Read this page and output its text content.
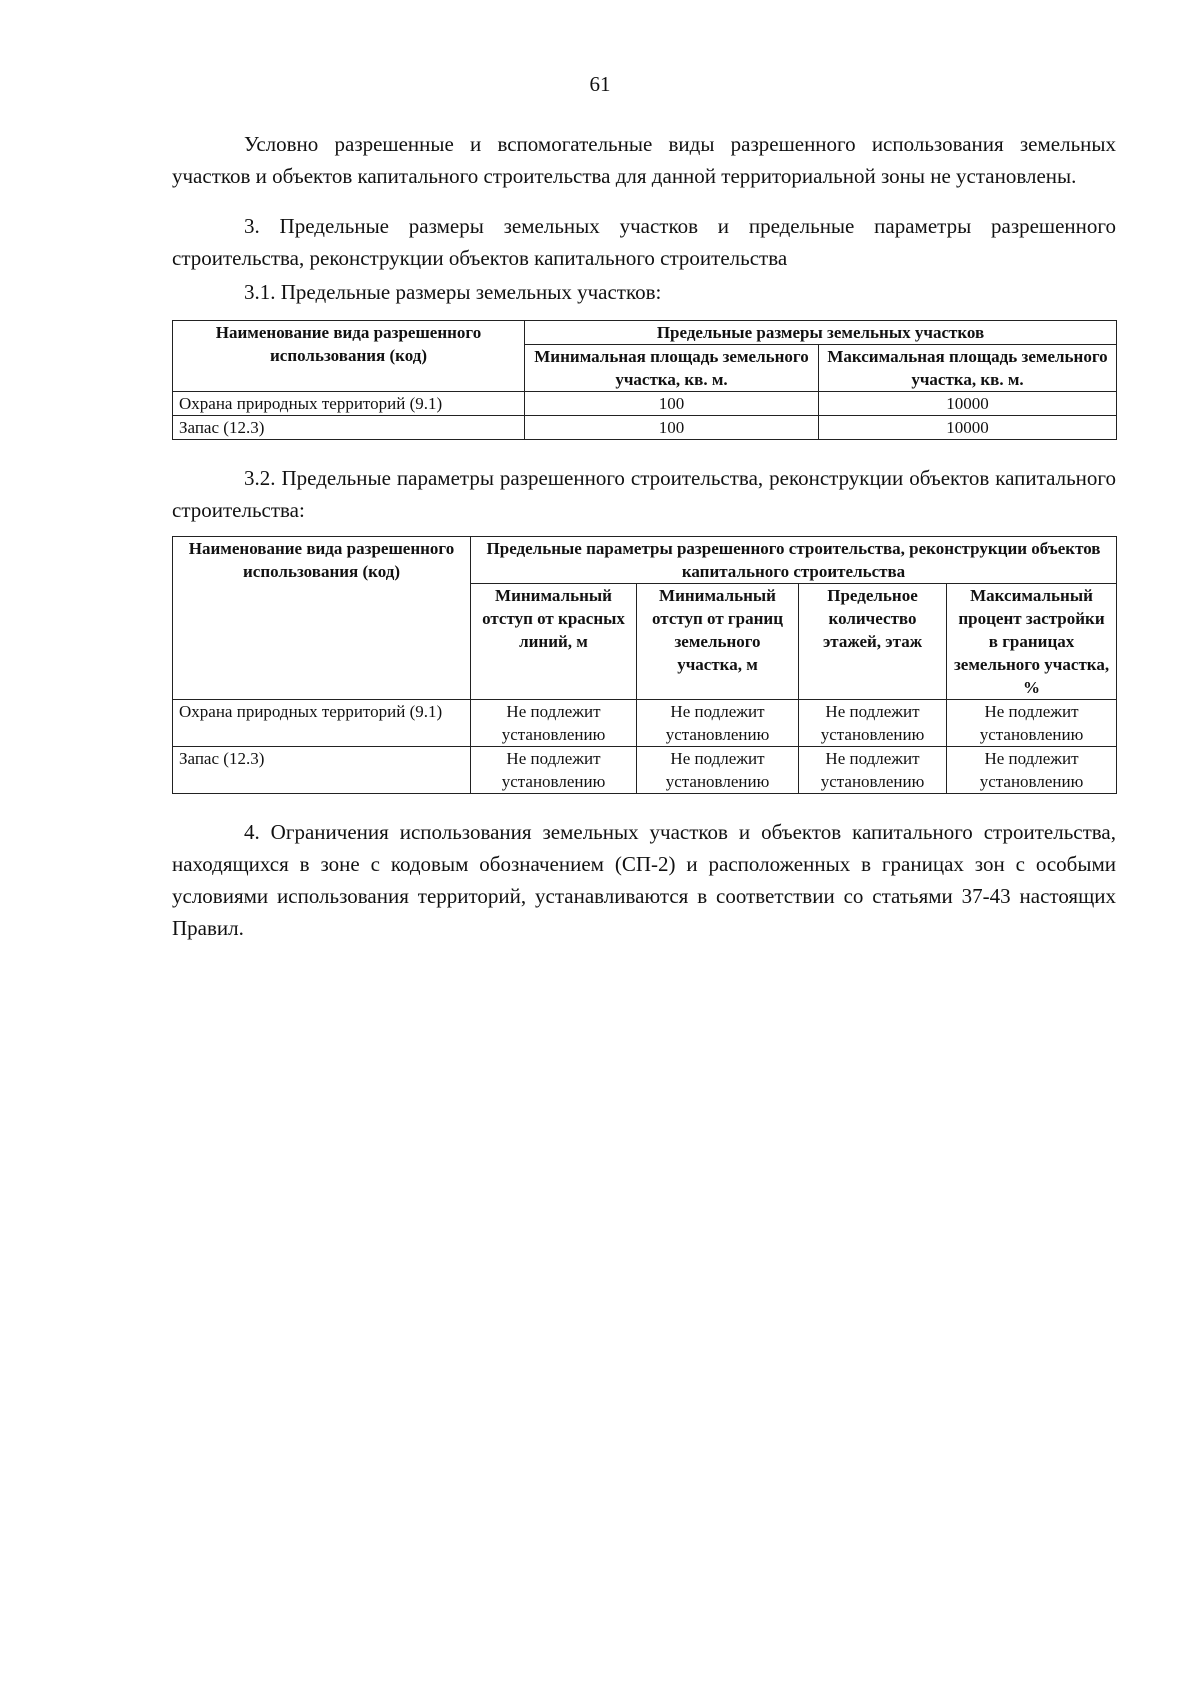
61

Условно разрешенные и вспомогательные виды разрешенного использования земельных участков и объектов капитального строительства для данной территориальной зоны не установлены.

3. Предельные размеры земельных участков и предельные параметры разрешенного строительства, реконструкции объектов капитального строительства

3.1. Предельные размеры земельных участков:

Наименование вида разрешенного использования (код)	Предельные размеры земельных участков	
	Минимальная площадь земельного участка, кв. м.	Максимальная площадь земельного участка, кв. м.
Охрана природных территорий (9.1)	100	10000
Запас (12.3)	100	10000

3.2. Предельные параметры разрешенного строительства, реконструкции объектов капитального строительства:

Наименование вида разрешенного использования (код)	Предельные параметры разрешенного строительства, реконструкции объектов капитального строительства			
	Минимальный отступ от красных линий, м	Минимальный отступ от границ земельного участка, м	Предельное количество этажей, этаж	Максимальный процент застройки в границах земельного участка, %
Охрана природных территорий (9.1)	Не подлежит установлению	Не подлежит установлению	Не подлежит установлению	Не подлежит установлению
Запас (12.3)	Не подлежит установлению	Не подлежит установлению	Не подлежит установлению	Не подлежит установлению

4. Ограничения использования земельных участков и объектов капитального строительства, находящихся в зоне с кодовым обозначением (СП-2) и расположенных в границах зон с особыми условиями использования территорий, устанавливаются в соответствии со статьями 37-43 настоящих Правил.
